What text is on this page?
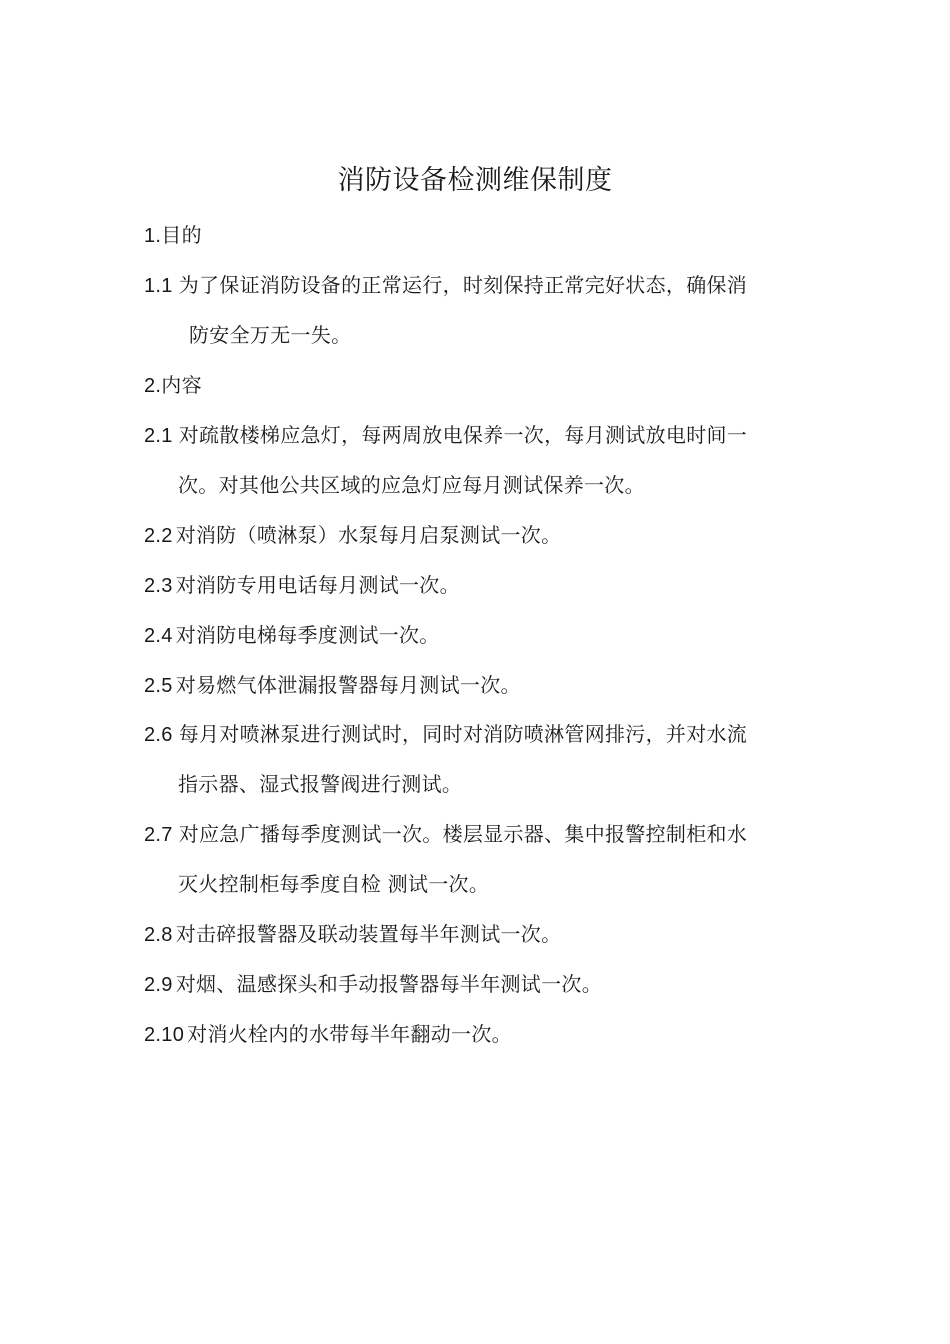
消防设备检测维保制度
1.目的
1.1 为了保证消防设备的正常运行，时刻保持正常完好状态，确保消
防安全万无一失。
2.内容
2.1 对疏散楼梯应急灯，每两周放电保养一次，每月测试放电时间一
次。对其他公共区域的应急灯应每月测试保养一次。
2.2 对消防（喷淋泵）水泵每月启泵测试一次。
2.3 对消防专用电话每月测试一次。
2.4 对消防电梯每季度测试一次。
2.5 对易燃气体泄漏报警器每月测试一次。
2.6 每月对喷淋泵进行测试时，同时对消防喷淋管网排污，并对水流
指示器、湿式报警阀进行测试。
2.7 对应急广播每季度测试一次。楼层显示器、集中报警控制柜和水
灭火控制柜每季度自检 测试一次。
2.8 对击碎报警器及联动装置每半年测试一次。
2.9 对烟、温感探头和手动报警器每半年测试一次。
2.10 对消火栓内的水带每半年翻动一次。
